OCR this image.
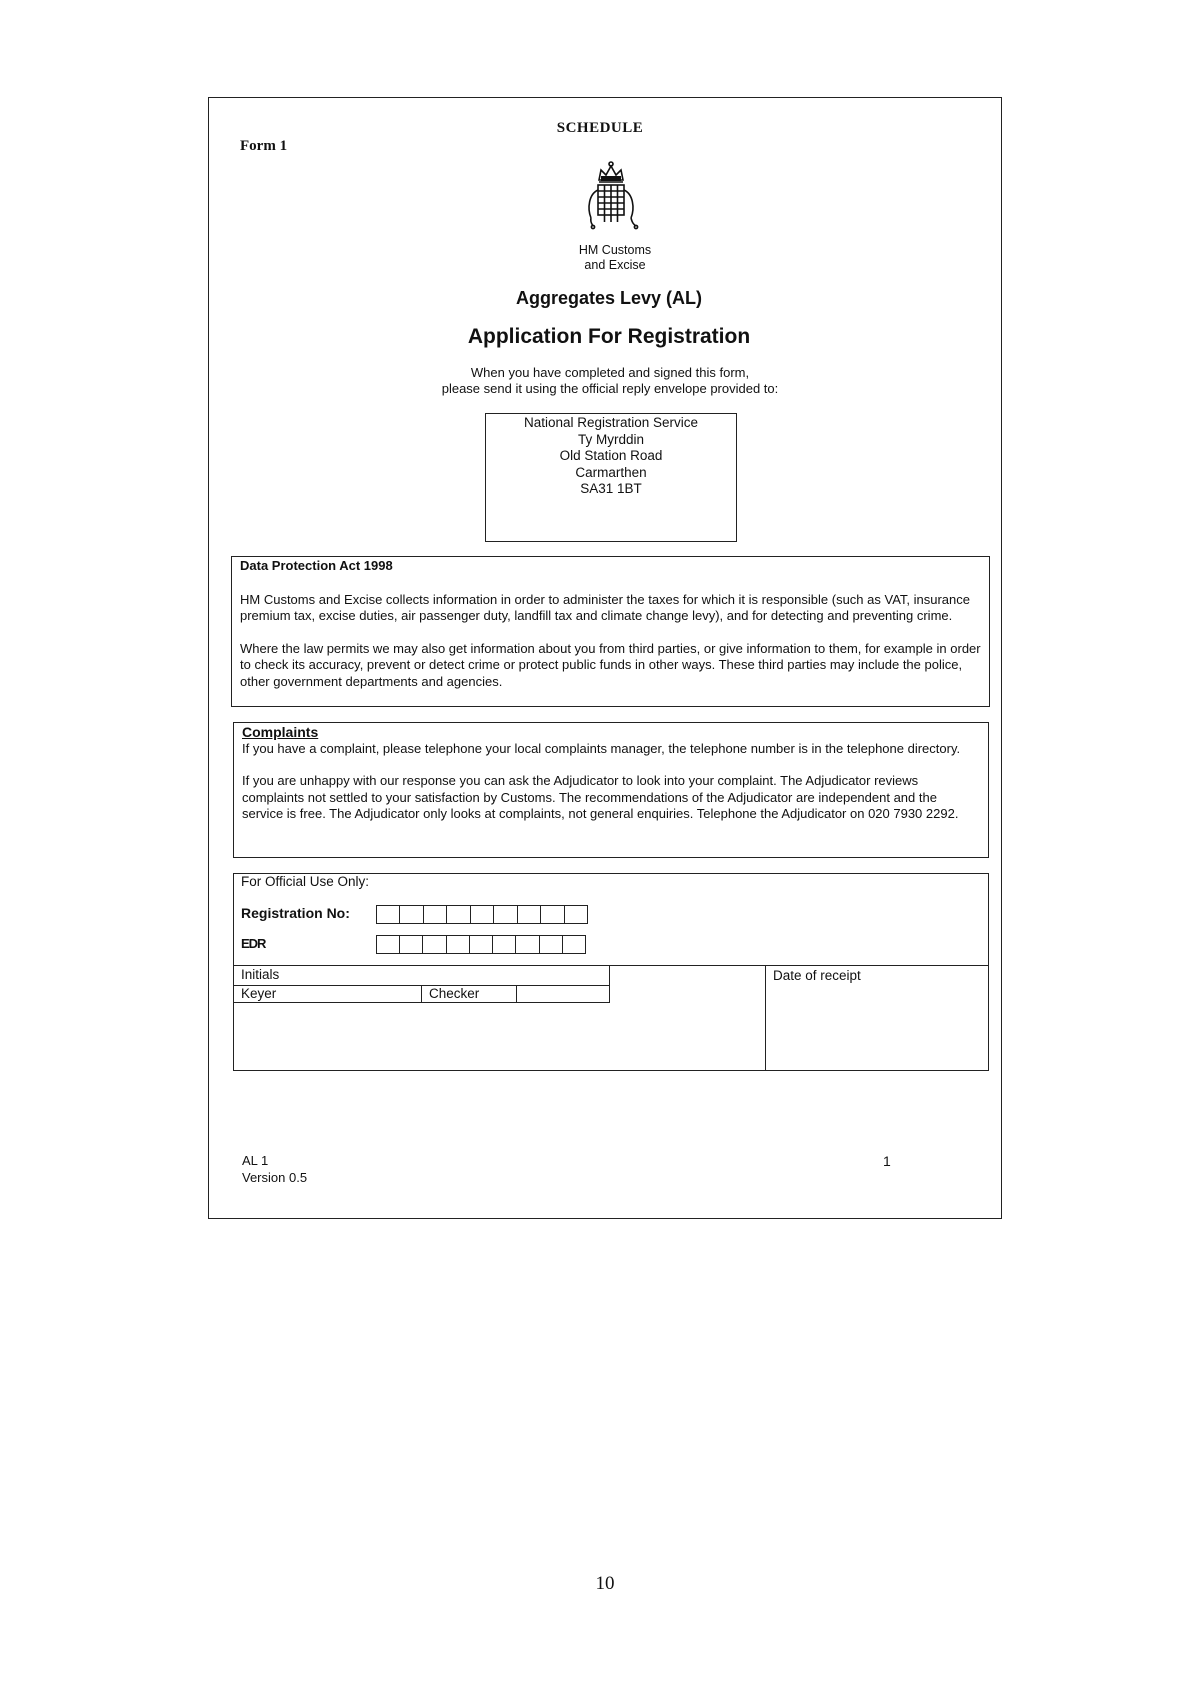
Form 1
SCHEDULE
HM Customs
and Excise
Aggregates Levy (AL)
Application For Registration
When you have completed and signed this form,
please send it using the official reply envelope provided to:
National Registration Service
Ty Myrddin
Old Station Road
Carmarthen
SA31 1BT
Data Protection Act 1998

HM Customs and Excise collects information in order to administer the taxes for which it is responsible (such as VAT, insurance premium tax, excise duties, air passenger duty, landfill tax and climate change levy), and for detecting and preventing crime.

Where the law permits we may also get information about you from third parties, or give information to them, for example in order to check its accuracy, prevent or detect crime or protect public funds in other ways. These third parties may include the police, other government departments and agencies.

Complaints

If you have a complaint, please telephone your local complaints manager, the telephone number is in the telephone directory.

If you are unhappy with our response you can ask the Adjudicator to look into your complaint. The Adjudicator reviews complaints not settled to your satisfaction by Customs. The recommendations of the Adjudicator are independent and the service is free. The Adjudicator only looks at complaints, not general enquiries. Telephone the Adjudicator on 020 7930 2292.

For Official Use Only:
Registration No:
EDR
Initials
Keyer	Checker
Date of receipt
AL 1
Version 0.5
1
10
